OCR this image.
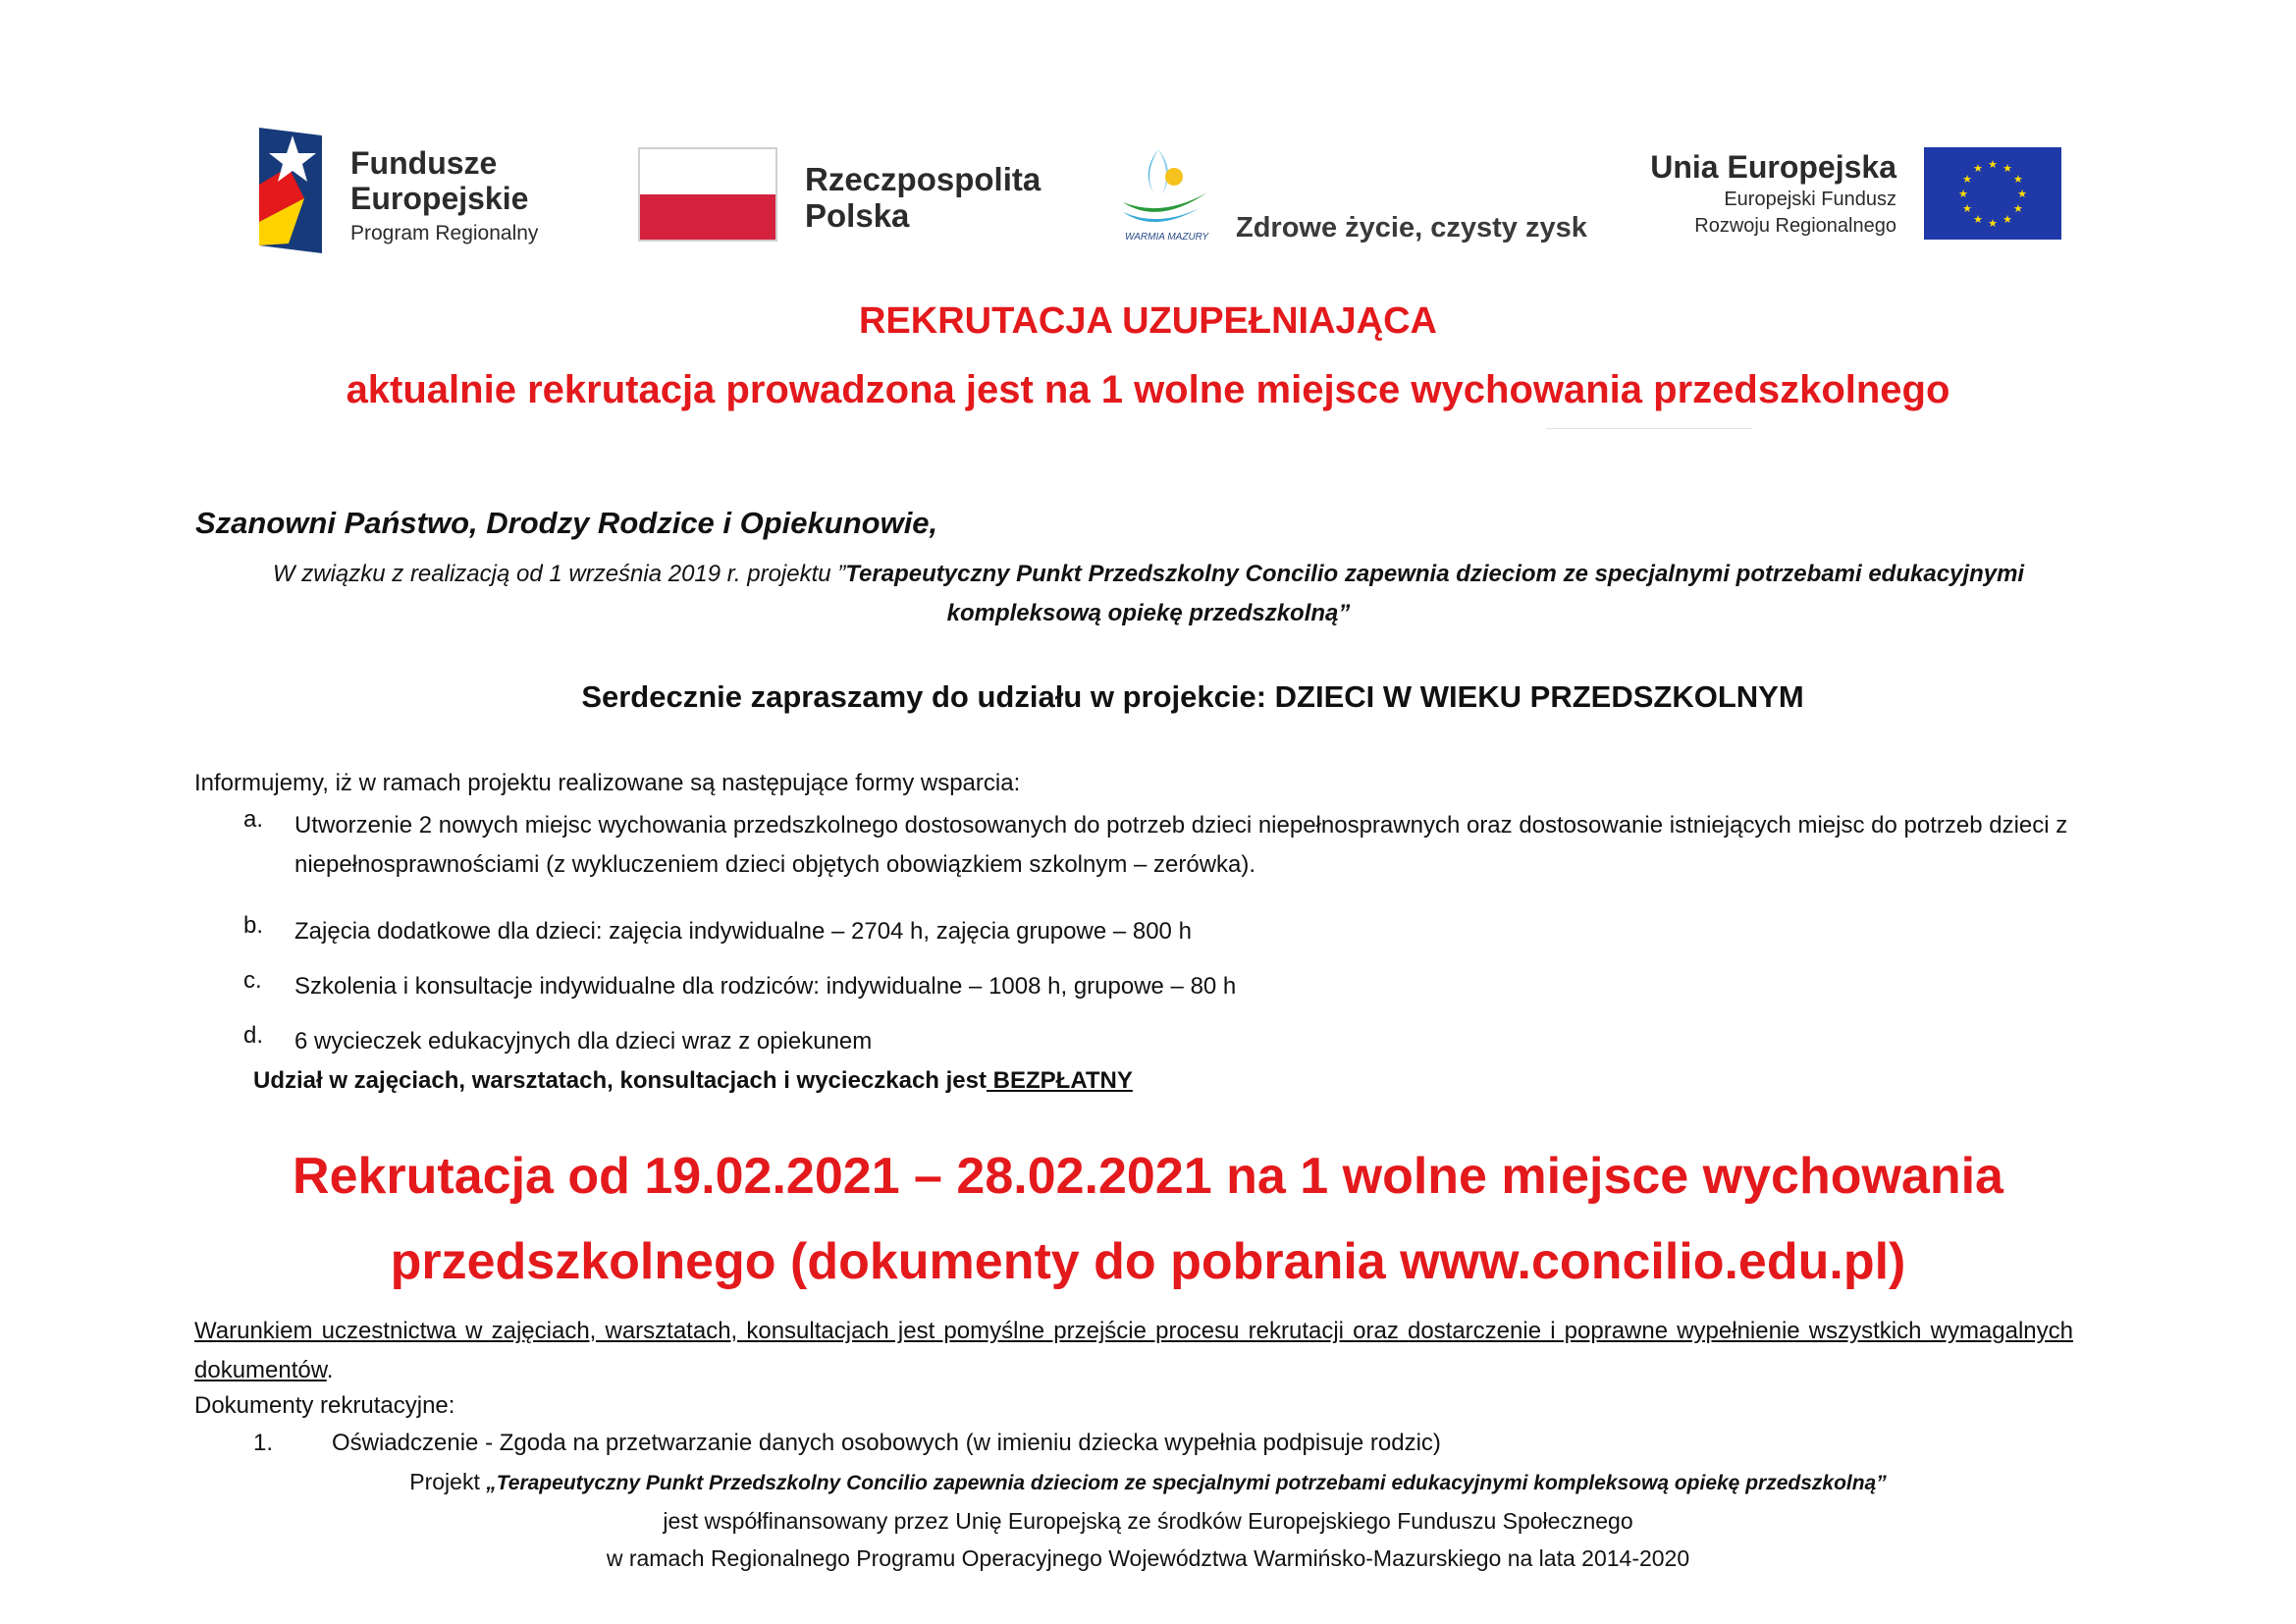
Fundusze
Europejskie
Program Regionalny
Rzeczpospolita
Polska
WARMIA MAZURY Zdrowe życie, czysty zysk
Unia Europejska
Europejski Fundusz
Rozwoju Regionalnego
★
★
★
★
★
★
★
★
★ ★ ★
★
REKRUTACJA UZUPEŁNIAJĄCA
aktualnie rekrutacja prowadzona jest na 1 wolne miejsce wychowania przedszkolnego
Szanowni Państwo, Drodzy Rodzice i Opiekunowie,
W związku z realizacją od 1 września 2019 r. projektu ”Terapeutyczny Punkt Przedszkolny Concilio zapewnia dzieciom ze specjalnymi potrzebami edukacyjnymi kompleksową opiekę przedszkolną”
Serdecznie zapraszamy do udziału w projekcie: DZIECI W WIEKU PRZEDSZKOLNYM
Informujemy, iż w ramach projektu realizowane są następujące formy wsparcia:
a.	Utworzenie 2 nowych miejsc wychowania przedszkolnego dostosowanych do potrzeb dzieci niepełnosprawnych oraz dostosowanie istniejących miejsc do potrzeb dzieci z niepełnosprawnościami (z wykluczeniem dzieci objętych obowiązkiem szkolnym – zerówka).
b.	Zajęcia dodatkowe dla dzieci: zajęcia indywidualne – 2704 h, zajęcia grupowe – 800 h
c.	Szkolenia i konsultacje indywidualne dla rodziców: indywidualne – 1008 h, grupowe – 80 h
d.	6 wycieczek edukacyjnych dla dzieci wraz z opiekunem
Udział w zajęciach, warsztatach, konsultacjach i wycieczkach jest BEZPŁATNY
Rekrutacja od 19.02.2021 – 28.02.2021 na 1 wolne miejsce wychowania
przedszkolnego (dokumenty do pobrania www.concilio.edu.pl)
Warunkiem uczestnictwa w zajęciach, warsztatach, konsultacjach jest pomyślne przejście procesu rekrutacji oraz dostarczenie i poprawne wypełnienie wszystkich wymagalnych dokumentów.
Dokumenty rekrutacyjne:
1.	Oświadczenie - Zgoda na przetwarzanie danych osobowych (w imieniu dziecka wypełnia podpisuje rodzic)
Projekt „Terapeutyczny Punkt Przedszkolny Concilio zapewnia dzieciom ze specjalnymi potrzebami edukacyjnymi kompleksową opiekę przedszkolną”
jest współfinansowany przez Unię Europejską ze środków Europejskiego Funduszu Społecznego
w ramach Regionalnego Programu Operacyjnego Województwa Warmińsko-Mazurskiego na lata 2014-2020
